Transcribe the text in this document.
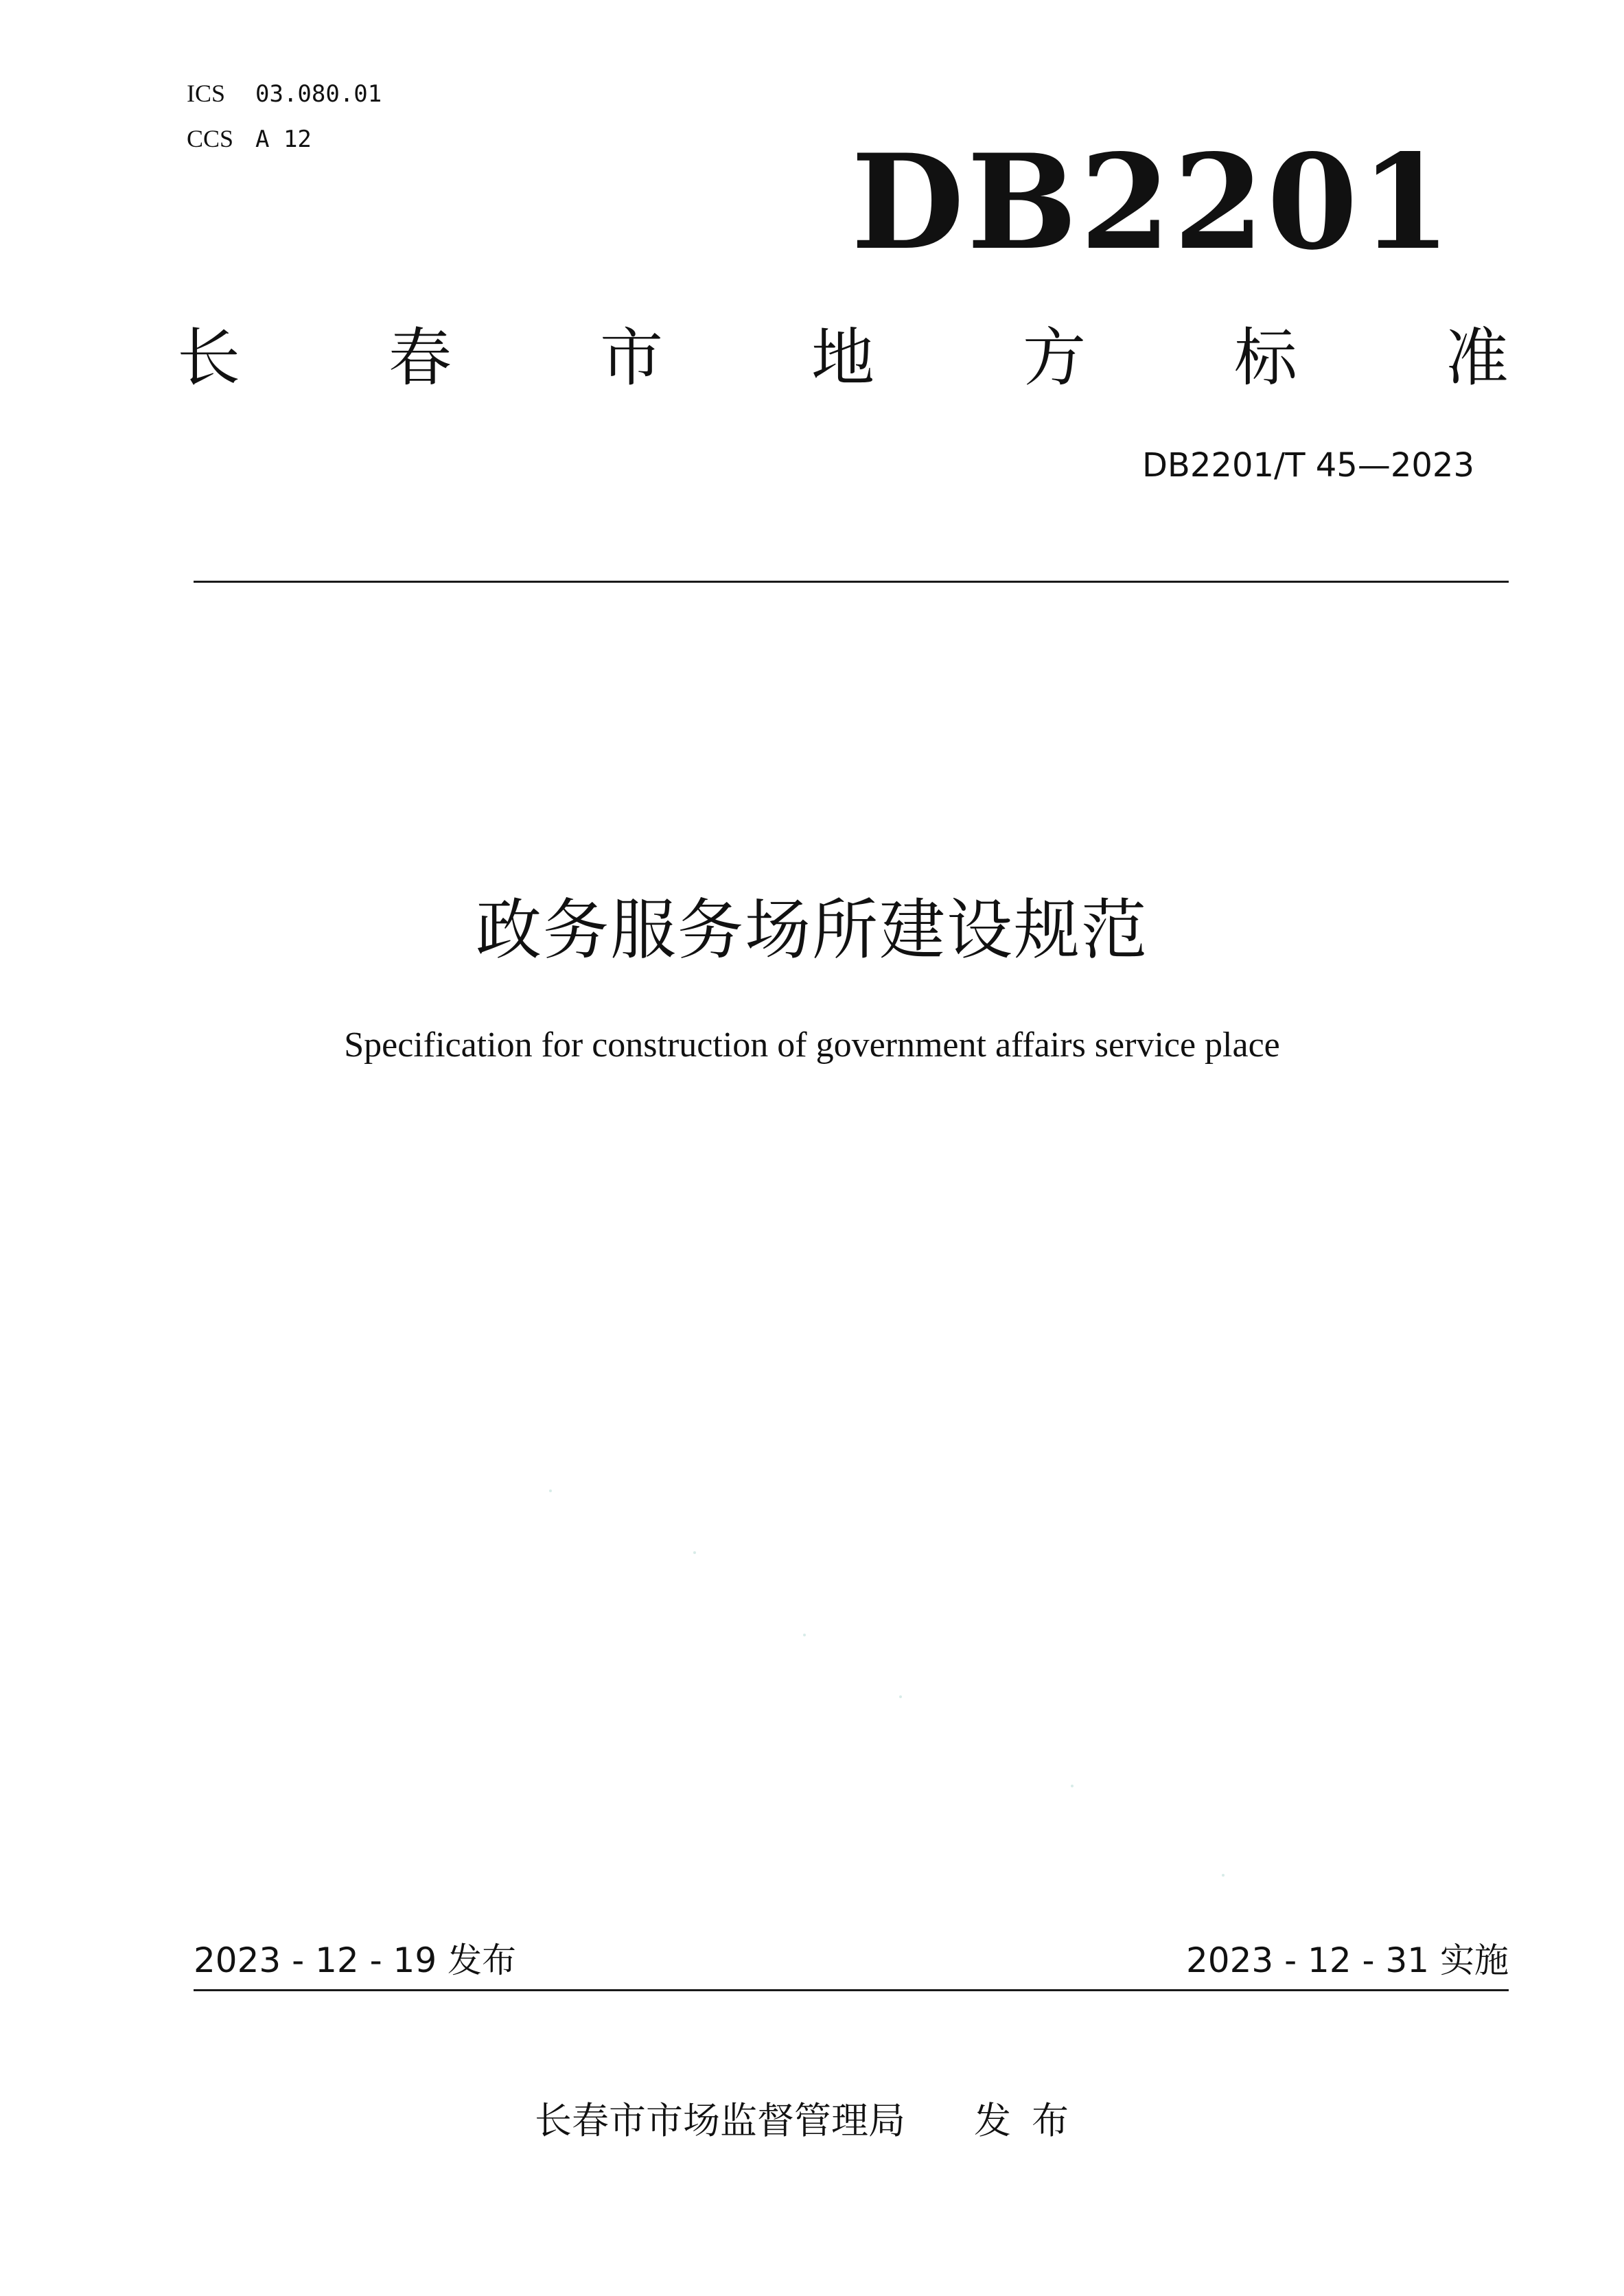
ICS	03.080.01
CCS A 12	DB2201
长 春 市 地 方 标 准
DB2201/T 45—2023
政务服务场所建设规范
Specification for construction of government affairs service place
2023 - 12 - 19 发布	2023 - 12 - 31 实施
长春市市场监督管理局 发布
